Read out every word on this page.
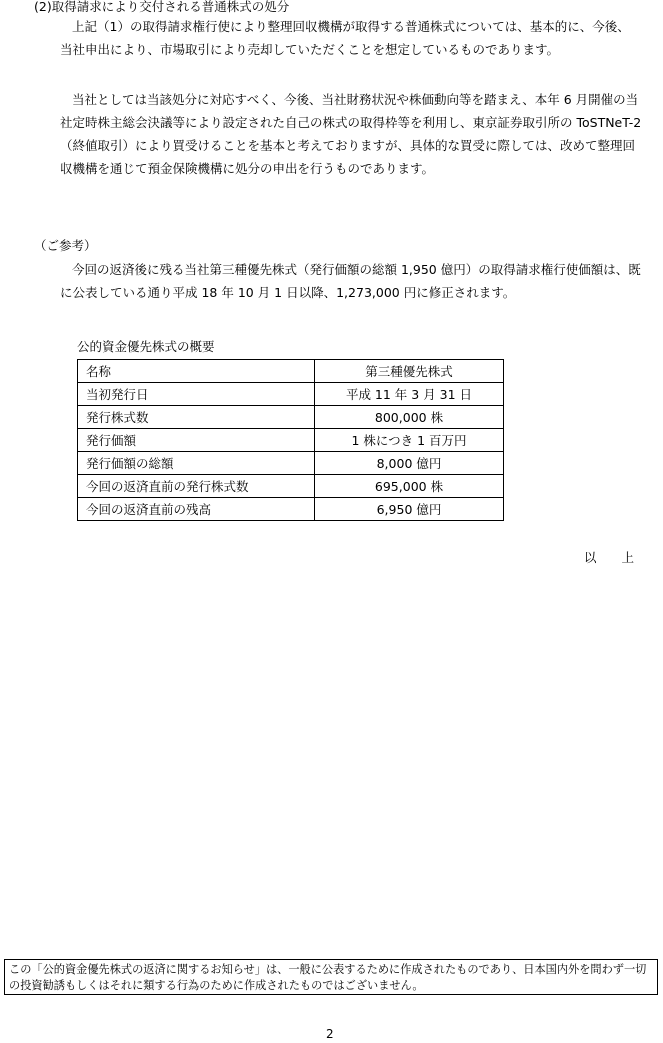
(2)取得請求により交付される普通株式の処分

上記（1）の取得請求権行使により整理回収機構が取得する普通株式については、基本的に、今後、当社申出により、市場取引により売却していただくことを想定しているものであります。

当社としては当該処分に対応すべく、今後、当社財務状況や株価動向等を踏まえ、本年 6 月開催の当社定時株主総会決議等により設定された自己の株式の取得枠等を利用し、東京証券取引所の ToSTNeT-2（終値取引）により買受けることを基本と考えておりますが、具体的な買受に際しては、改めて整理回収機構を通じて預金保険機構に処分の申出を行うものであります。

（ご参考）

今回の返済後に残る当社第三種優先株式（発行価額の総額 1,950 億円）の取得請求権行使価額は、既に公表している通り平成 18 年 10 月 1 日以降、1,273,000 円に修正されます。

公的資金優先株式の概要
名称	第三種優先株式
当初発行日	平成 11 年 3 月 31 日
発行株式数	800,000 株
発行価額	1 株につき 1 百万円
発行価額の総額	8,000 億円
今回の返済直前の発行株式数	695,000 株
今回の返済直前の残高	6,950 億円
以　　上
この「公的資金優先株式の返済に関するお知らせ」は、一般に公表するために作成されたものであり、日本国内外を問わず一切の投資勧誘もしくはそれに類する行為のために作成されたものではございません。
2
